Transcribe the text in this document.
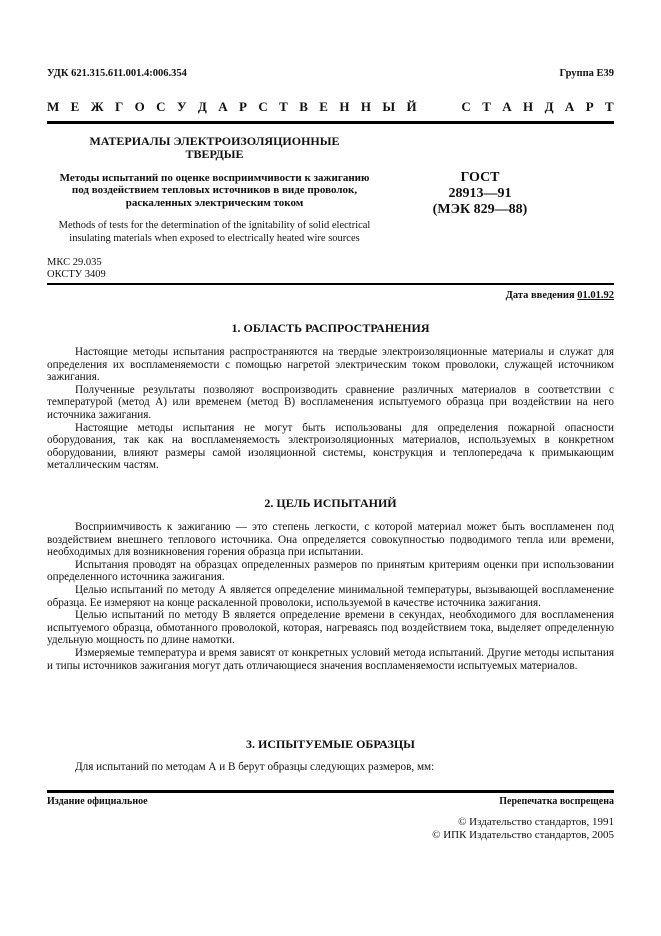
УДК 621.315.611.001.4:006.354	Группа Е39
М Е Ж Г О С У Д А Р С Т В Е Н Н Ы Й	С Т А Н Д А Р Т
МАТЕРИАЛЫ ЭЛЕКТРОИЗОЛЯЦИОННЫЕ
ТВЕРДЫЕ
Методы испытаний по оценке восприимчивости к зажиганию
под воздействием тепловых источников в виде проволок,
раскаленных электрическим током
Methods of tests for the determination of the ignitability of solid electrical
insulating materials when exposed to electrically heated wire sources
ГОСТ
28913—91
(МЭК 829—88)
МКС 29.035
ОКСТУ 3409
Дата введения 01.01.92
1. ОБЛАСТЬ РАСПРОСТРАНЕНИЯ

Настоящие методы испытания распространяются на твердые электроизоляционные материалы и служат для определения их воспламеняемости с помощью нагретой электрическим током проволоки, служащей источником зажигания.

Полученные результаты позволяют воспроизводить сравнение различных материалов в соответствии с температурой (метод А) или временем (метод В) воспламенения испытуемого образца при воздействии на него источника зажигания.

Настоящие методы испытания не могут быть использованы для определения пожарной опасности оборудования, так как на воспламеняемость электроизоляционных материалов, используемых в конкретном оборудовании, влияют размеры самой изоляционной системы, конструкция и теплопередача к примыкающим металлическим частям.

2. ЦЕЛЬ ИСПЫТАНИЙ

Восприимчивость к зажиганию — это степень легкости, с которой материал может быть воспламенен под воздействием внешнего теплового источника. Она определяется совокупностью подводимого тепла или времени, необходимых для возникновения горения образца при испытании.

Испытания проводят на образцах определенных размеров по принятым критериям оценки при использовании определенного источника зажигания.

Целью испытаний по методу А является определение минимальной температуры, вызывающей воспламенение образца. Ее измеряют на конце раскаленной проволоки, используемой в качестве источника зажигания.

Целью испытаний по методу В является определение времени в секундах, необходимого для воспламенения испытуемого образца, обмотанного проволокой, которая, нагреваясь под воздействием тока, выделяет определенную удельную мощность по длине намотки.

Измеряемые температура и время зависят от конкретных условий метода испытаний. Другие методы испытания и типы источников зажигания могут дать отличающиеся значения воспламеняемости испытуемых материалов.

3. ИСПЫТУЕМЫЕ ОБРАЗЦЫ

Для испытаний по методам А и В берут образцы следующих размеров, мм:

Издание официальное	Перепечатка воспрещена
© Издательство стандартов, 1991
© ИПК Издательство стандартов, 2005
